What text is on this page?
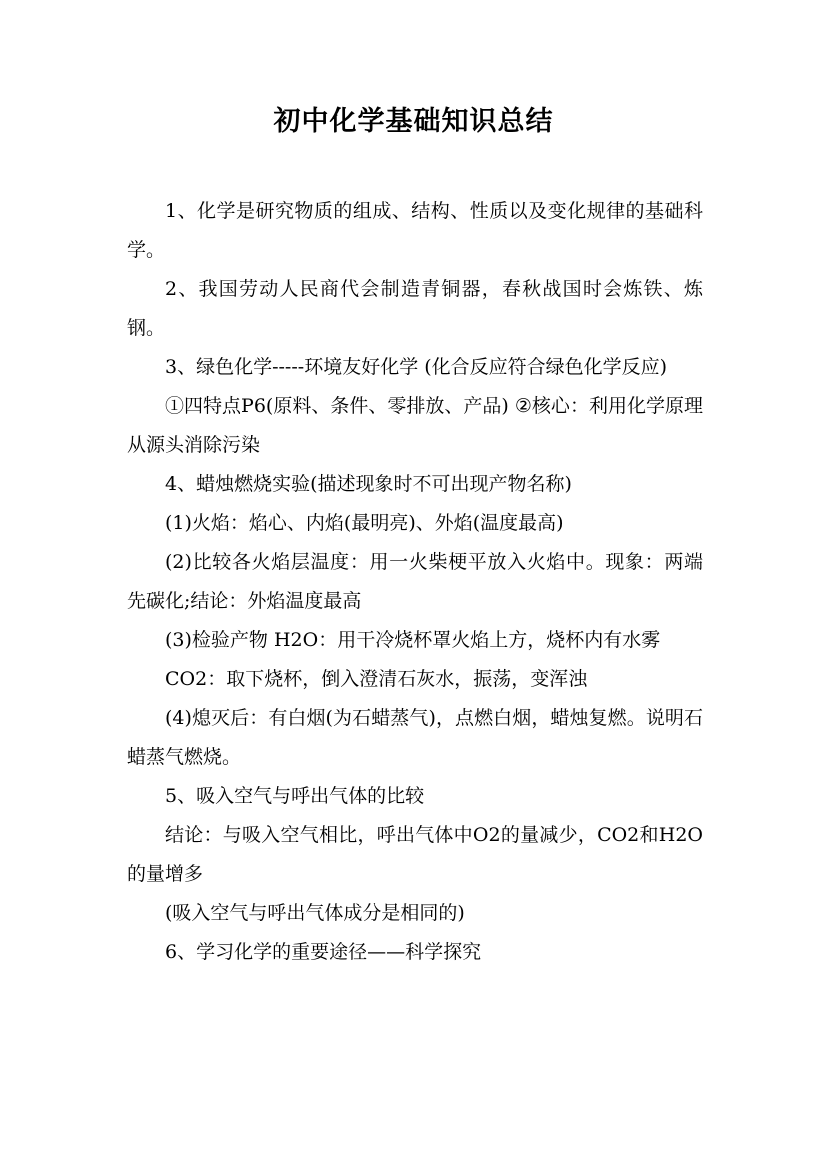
初中化学基础知识总结

1、化学是研究物质的组成、结构、性质以及变化规律的基础科学。

2、我国劳动人民商代会制造青铜器，春秋战国时会炼铁、炼钢。

3、绿色化学-----环境友好化学 (化合反应符合绿色化学反应)

①四特点P6(原料、条件、零排放、产品) ②核心：利用化学原理从源头消除污染

4、蜡烛燃烧实验(描述现象时不可出现产物名称)

(1)火焰：焰心、内焰(最明亮)、外焰(温度最高)

(2)比较各火焰层温度：用一火柴梗平放入火焰中。现象：两端先碳化;结论：外焰温度最高

(3)检验产物 H2O：用干冷烧杯罩火焰上方，烧杯内有水雾

CO2：取下烧杯，倒入澄清石灰水，振荡，变浑浊

(4)熄灭后：有白烟(为石蜡蒸气)，点燃白烟，蜡烛复燃。说明石蜡蒸气燃烧。

5、吸入空气与呼出气体的比较

结论：与吸入空气相比，呼出气体中O2的量减少，CO2和H2O的量增多

(吸入空气与呼出气体成分是相同的)

6、学习化学的重要途径——科学探究
